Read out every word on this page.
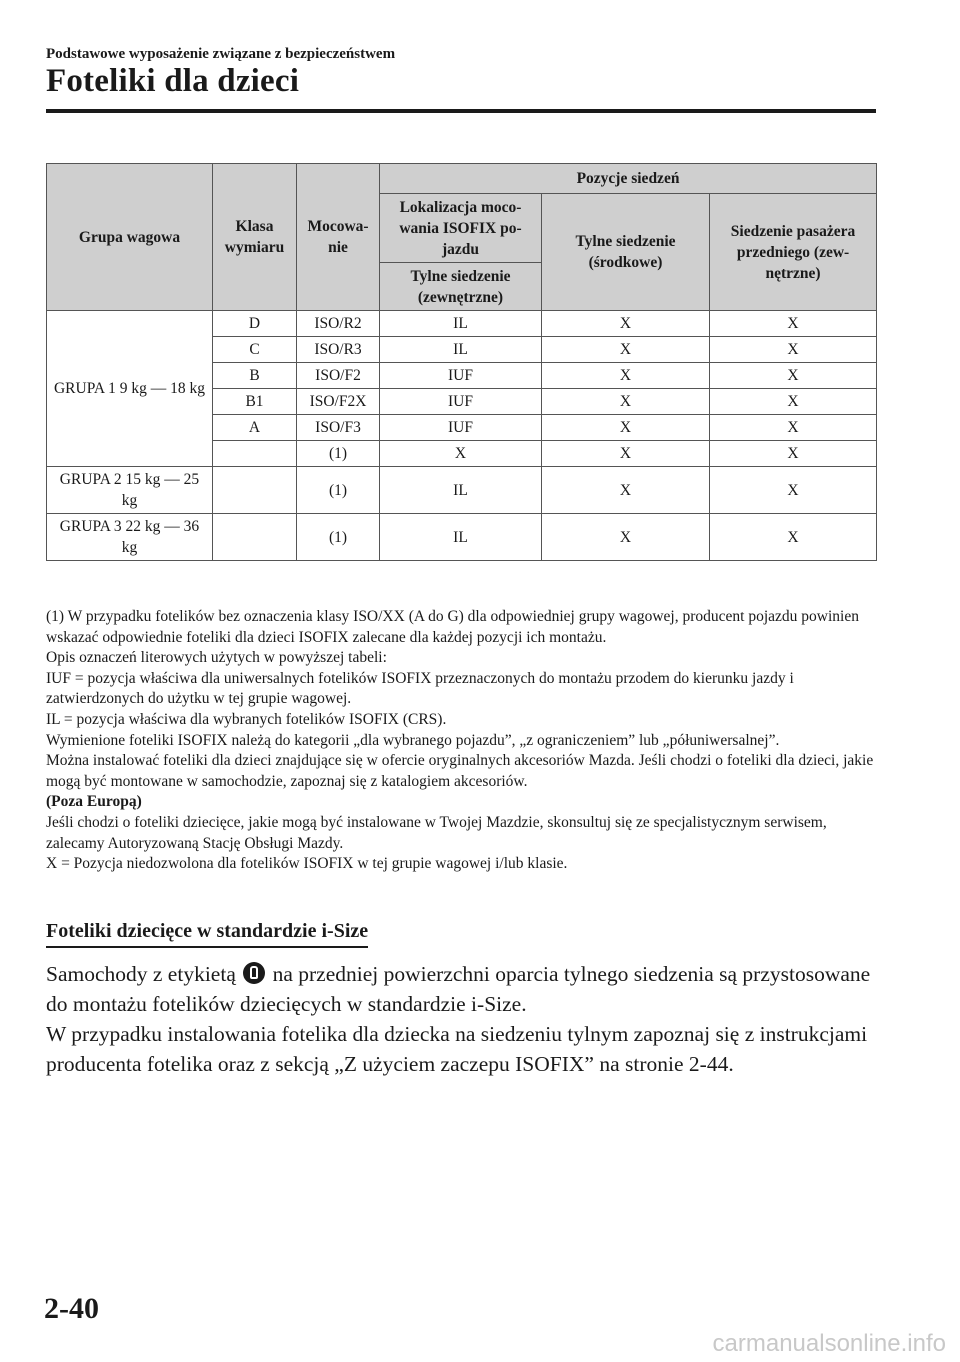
Podstawowe wyposażenie związane z bezpieczeństwem
Foteliki dla dzieci
Grupa wagowa	Klasa wymiaru	Mocowa-nie	Pozycje siedzeń		
			Lokalizacja moco-wania ISOFIX po-jazdu	Tylne siedzenie (środkowe)	Siedzenie pasażera przedniego (zew-nętrzne)
			Tylne siedzenie (zewnętrzne)		
GRUPA 1 9 kg ― 18 kg	D	ISO/R2	IL	X	X
	C	ISO/R3	IL	X	X
	B	ISO/F2	IUF	X	X
	B1	ISO/F2X	IUF	X	X
	A	ISO/F3	IUF	X	X
		(1)	X	X	X
GRUPA 2 15 kg ― 25 kg		(1)	IL	X	X
GRUPA 3 22 kg ― 36 kg		(1)	IL	X	X

(1) W przypadku fotelików bez oznaczenia klasy ISO/XX (A do G) dla odpowiedniej grupy wagowej, producent pojazdu powinien wskazać odpowiednie foteliki dla dzieci ISOFIX zalecane dla każdej pozycji ich montażu.

Opis oznaczeń literowych użytych w powyższej tabeli:

IUF = pozycja właściwa dla uniwersalnych fotelików ISOFIX przeznaczonych do montażu przodem do kierunku jazdy i zatwierdzonych do użytku w tej grupie wagowej.

IL = pozycja właściwa dla wybranych fotelików ISOFIX (CRS).

Wymienione foteliki ISOFIX należą do kategorii „dla wybranego pojazdu”, „z ograniczeniem” lub „półuniwersalnej”.

Można instalować foteliki dla dzieci znajdujące się w ofercie oryginalnych akcesoriów Mazda. Jeśli chodzi o foteliki dla dzieci, jakie mogą być montowane w samochodzie, zapoznaj się z katalogiem akcesoriów.

(Poza Europą)

Jeśli chodzi o foteliki dziecięce, jakie mogą być instalowane w Twojej Mazdzie, skonsultuj się ze specjalistycznym serwisem, zalecamy Autoryzowaną Stację Obsługi Mazdy.

X = Pozycja niedozwolona dla fotelików ISOFIX w tej grupie wagowej i/lub klasie.

Foteliki dziecięce w standardzie i-Size

Samochody z etykietą na przedniej powierzchni oparcia tylnego siedzenia są przystosowane do montażu fotelików dziecięcych w standardzie i-Size.

W przypadku instalowania fotelika dla dziecka na siedzeniu tylnym zapoznaj się z instrukcjami producenta fotelika oraz z sekcją „Z użyciem zaczepu ISOFIX” na stronie 2-44.

2-40
carmanualsonline.info
